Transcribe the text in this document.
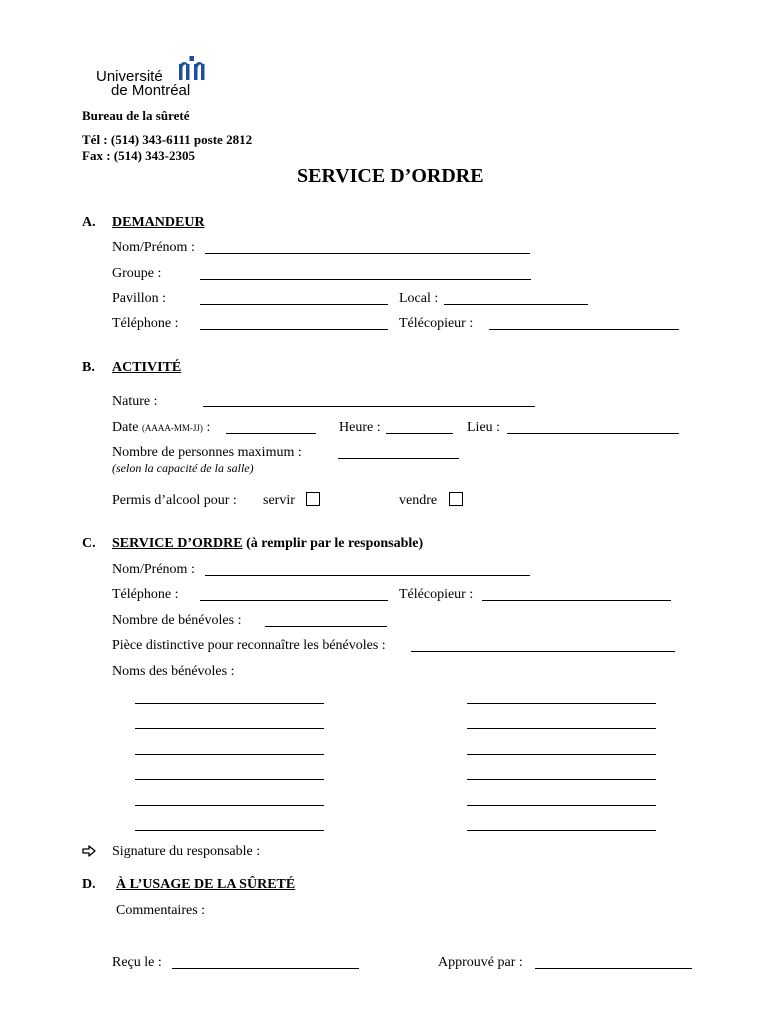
Université
de Montréal
Bureau de la sûreté
Tél : (514) 343-6111 poste 2812
Fax : (514) 343-2305
SERVICE D’ORDRE
A. DEMANDEUR
Nom/Prénom :
Groupe :
Pavillon :	Local :
Téléphone :	Télécopieur :
B. ACTIVITÉ
Nature :
Date (AAAA-MM-JJ) :	Heure :	Lieu :
Nombre de personnes maximum :
(selon la capacité de la salle)
Permis d’alcool pour : servir	vendre
C. SERVICE D’ORDRE (à remplir par le responsable)
Nom/Prénom :
Téléphone :	Télécopieur :
Nombre de bénévoles :
Pièce distinctive pour reconnaître les bénévoles :
Noms des bénévoles :
Signature du responsable :
D. À L’USAGE DE LA SÛRETÉ
Commentaires :
Reçu le :	Approuvé par :
